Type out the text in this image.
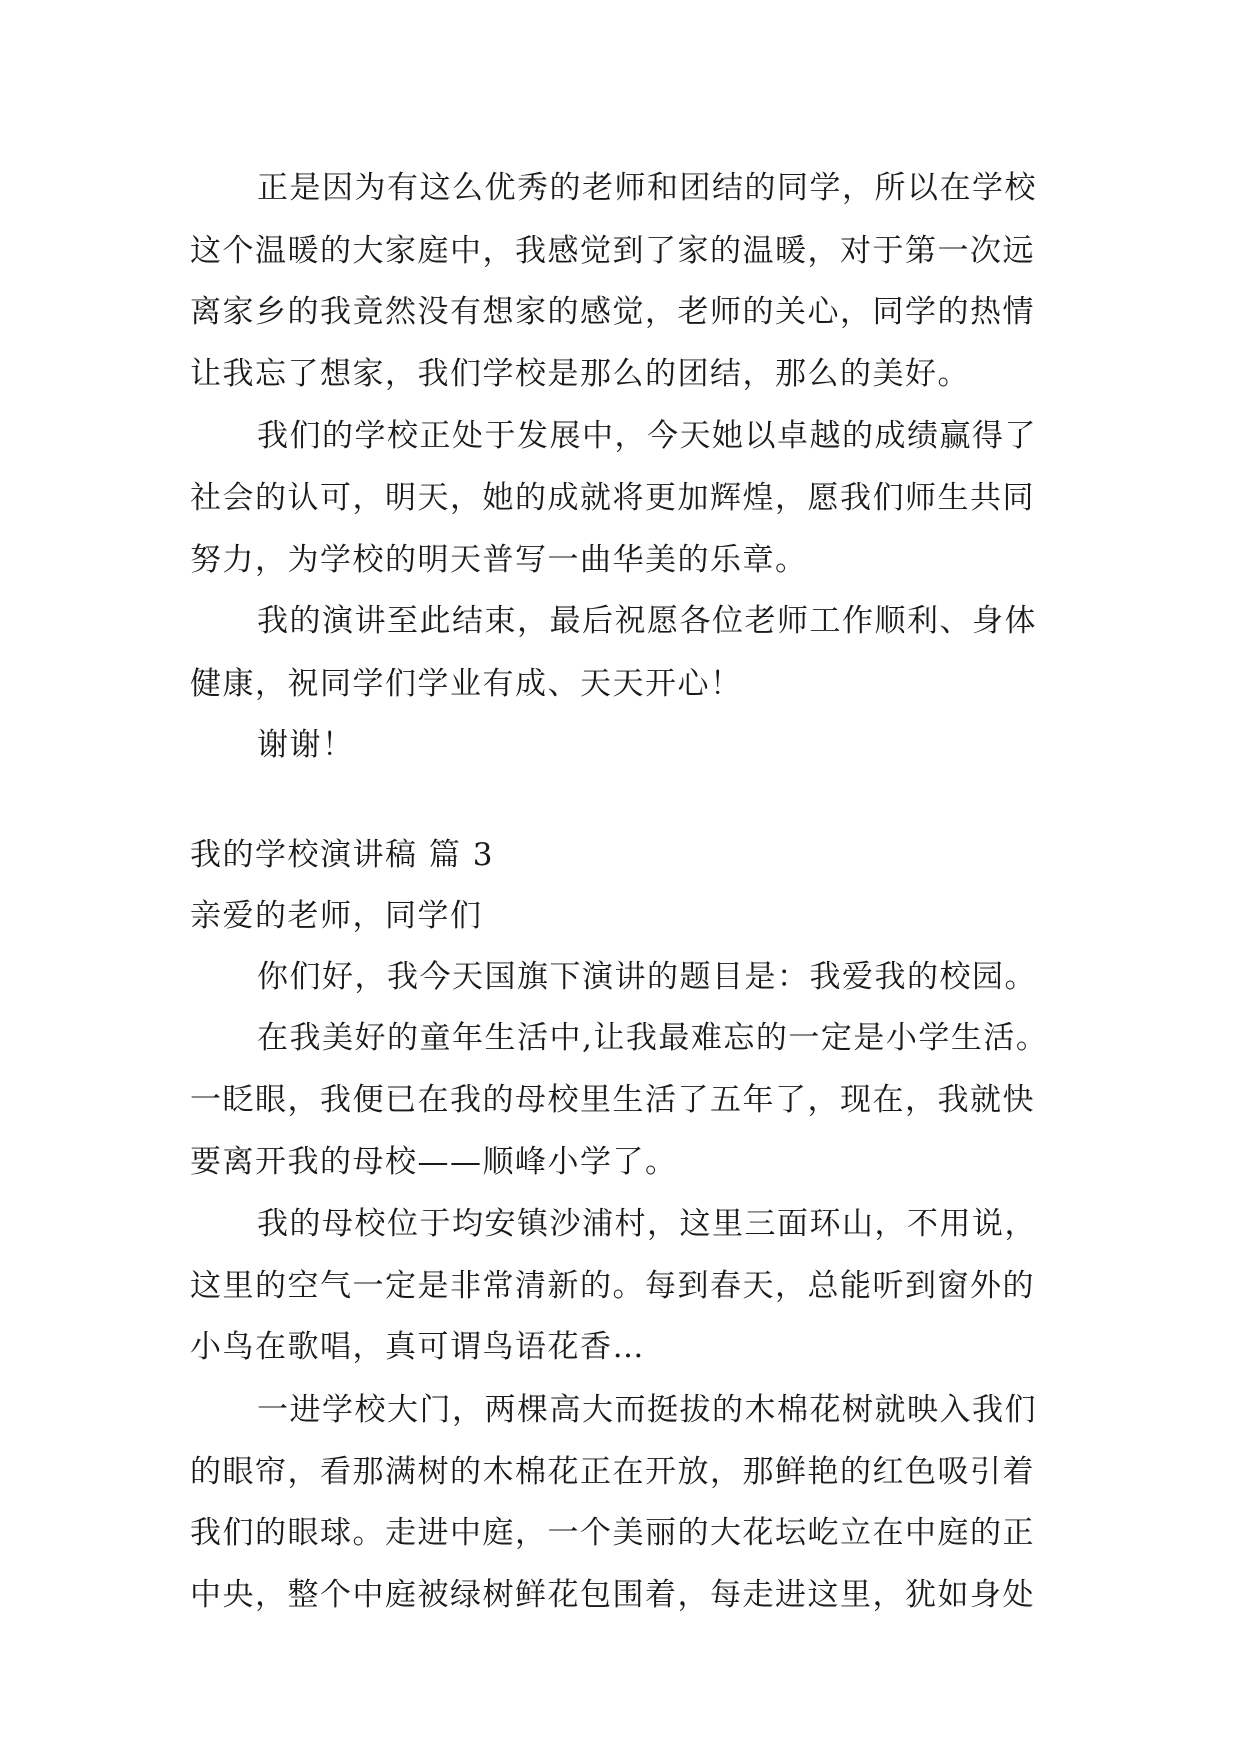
正是因为有这么优秀的老师和团结的同学，所以在学校
这个温暖的大家庭中，我感觉到了家的温暖，对于第一次远
离家乡的我竟然没有想家的感觉，老师的关心，同学的热情
让我忘了想家，我们学校是那么的团结，那么的美好。
我们的学校正处于发展中，今天她以卓越的成绩赢得了
社会的认可，明天，她的成就将更加辉煌，愿我们师生共同
努力，为学校的明天普写一曲华美的乐章。
我的演讲至此结束，最后祝愿各位老师工作顺利、身体
健康，祝同学们学业有成、天天开心！
谢谢！
我的学校演讲稿 篇 3
亲爱的老师，同学们
你们好，我今天国旗下演讲的题目是：我爱我的校园。
在我美好的童年生活中,让我最难忘的一定是小学生活。
一眨眼，我便已在我的母校里生活了五年了，现在，我就快
要离开我的母校——顺峰小学了。
我的母校位于均安镇沙浦村，这里三面环山，不用说，
这里的空气一定是非常清新的。每到春天，总能听到窗外的
小鸟在歌唱，真可谓鸟语花香…
一进学校大门，两棵高大而挺拔的木棉花树就映入我们
的眼帘，看那满树的木棉花正在开放，那鲜艳的红色吸引着
我们的眼球。走进中庭，一个美丽的大花坛屹立在中庭的正
中央，整个中庭被绿树鲜花包围着，每走进这里，犹如身处
